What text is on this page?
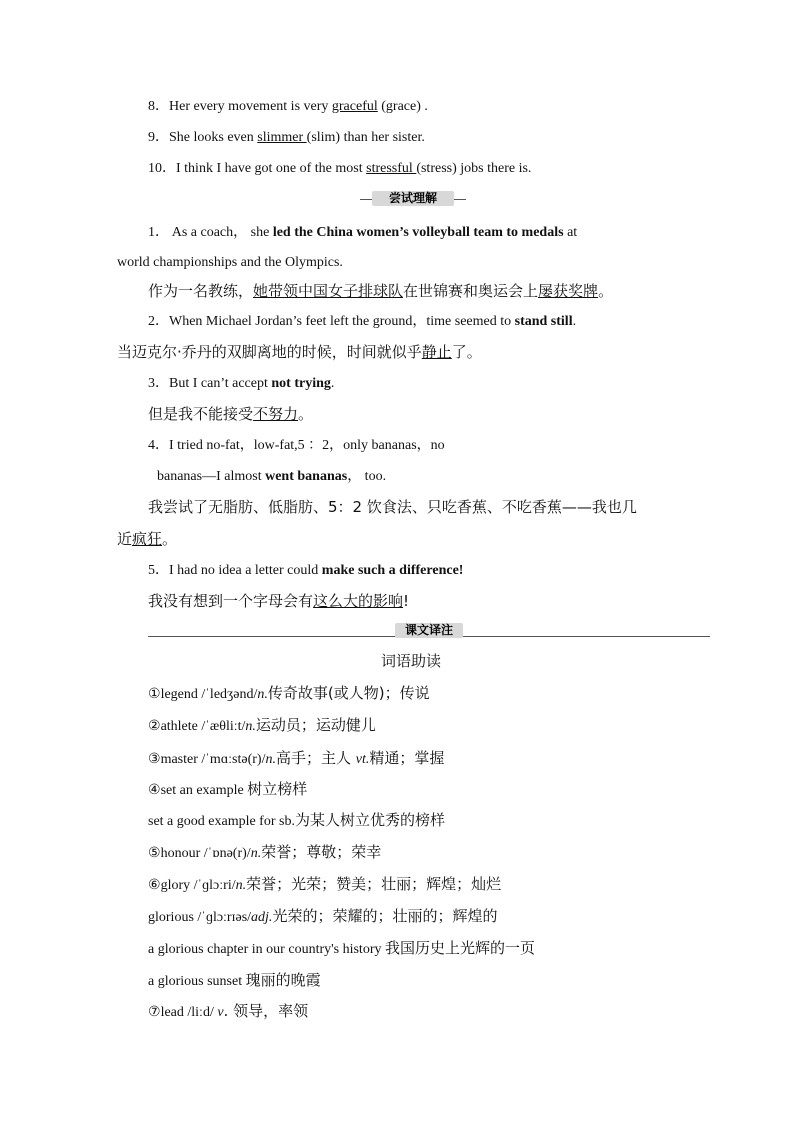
8．Her every movement is very graceful (grace) .
9．She looks even slimmer (slim) than her sister.
10．I think I have got one of the most stressful (stress) jobs there is.
尝试理解
1． As a coach， she led the China women’s volleyball team to medals at
world championships and the Olympics.
作为一名教练，她带领中国女子排球队在世锦赛和奥运会上屡获奖牌。
2．When Michael Jordan’s feet left the ground，time seemed to stand still.
当迈克尔·乔丹的双脚离地的时候，时间就似乎静止了。
3．But I can’t accept not trying.
但是我不能接受不努力。
4．I tried no-fat，low-fat,5 ：2，only bananas，no
bananas—I almost went bananas， too.
我尝试了无脂肪、低脂肪、5：2 饮食法、只吃香蕉、不吃香蕉——我也几
近疯狂。
5．I had no idea a letter could make such a difference!
我没有想到一个字母会有这么大的影响!
课文译注
词语助读
①legend /ˈledʒənd/n.传奇故事(或人物)；传说
②athlete /ˈæθliːt/n.运动员；运动健儿
③master /ˈmɑːstə(r)/n.高手；主人 vt.精通；掌握
④set an example 树立榜样
set a good example for sb.为某人树立优秀的榜样
⑤honour /ˈɒnə(r)/n.荣誉；尊敬；荣幸
⑥glory /ˈɡlɔːri/n.荣誉；光荣；赞美；壮丽；辉煌；灿烂
glorious /ˈɡlɔːrɪəs/adj.光荣的；荣耀的；壮丽的；辉煌的
a glorious chapter in our country's history 我国历史上光辉的一页
a glorious sunset 瑰丽的晚霞
⑦lead /liːd/ v. 领导，率领
